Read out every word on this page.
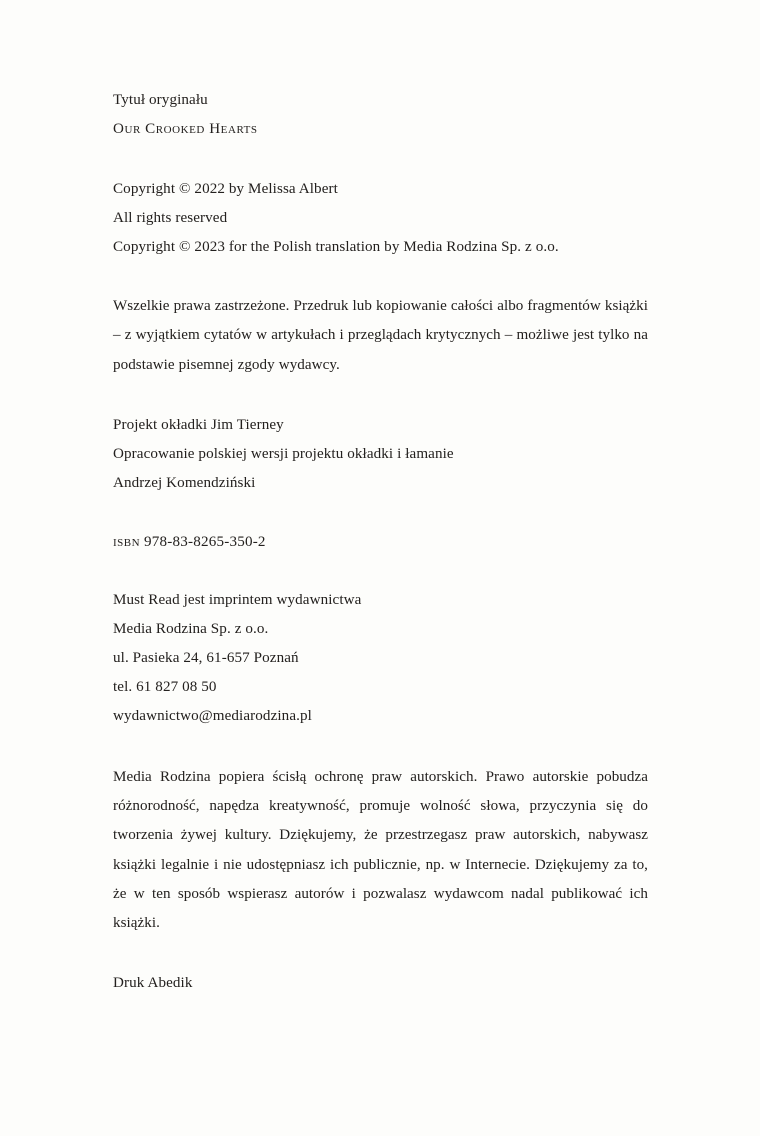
Tytuł oryginału
Our Crooked Hearts
Copyright © 2022 by Melissa Albert
All rights reserved
Copyright © 2023 for the Polish translation by Media Rodzina Sp. z o.o.

Wszelkie prawa zastrzeżone. Przedruk lub kopiowanie całości albo fragmentów książki – z wyjątkiem cytatów w artykułach i przeglądach krytycznych – możliwe jest tylko na podstawie pisemnej zgody wydawcy.

Projekt okładki Jim Tierney
Opracowanie polskiej wersji projektu okładki i łamanie
Andrzej Komendziński
isbn 978-83-8265-350-2
Must Read jest imprintem wydawnictwa
Media Rodzina Sp. z o.o.
ul. Pasieka 24, 61-657 Poznań
tel. 61 827 08 50
wydawnictwo@mediarodzina.pl

Media Rodzina popiera ścisłą ochronę praw autorskich. Prawo autorskie pobudza różnorodność, napędza kreatywność, promuje wolność słowa, przyczynia się do tworzenia żywej kultury. Dziękujemy, że przestrzegasz praw autorskich, nabywasz książki legalnie i nie udostępniasz ich publicznie, np. w Internecie. Dziękujemy za to, że w ten sposób wspierasz autorów i pozwalasz wydawcom nadal publikować ich książki.

Druk Abedik
